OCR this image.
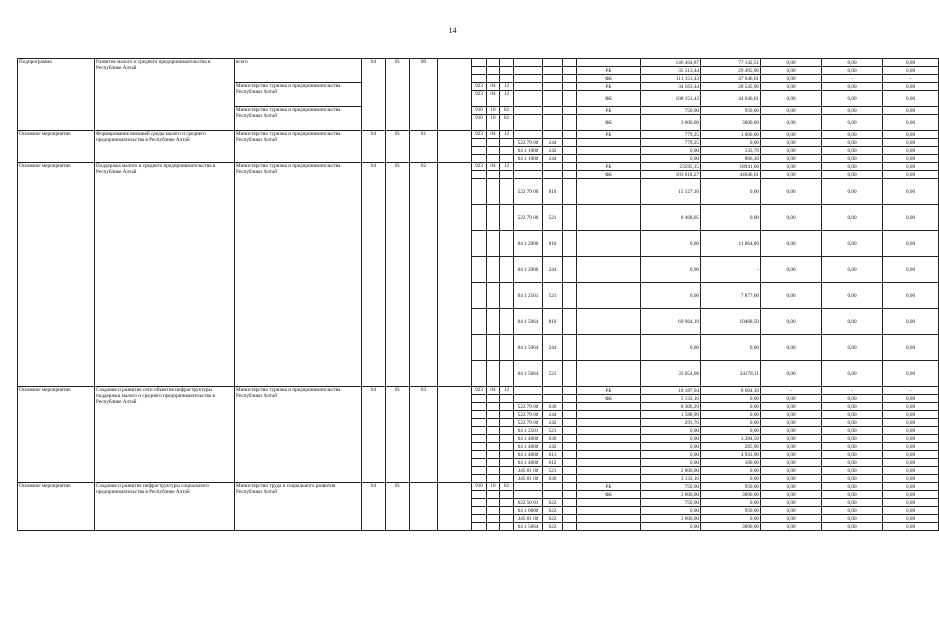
14
Подпрограмма	Развитие малого и среднего предпринимательства в Республике Алтай	всего	04	01	00									146 464,87	77 142,51	0,00	0,00	0,00	
													РБ	35 313,44	29 495,90	0,00	0,00	0,00	
													ФБ	111 151,43	47 646,61	0,00	-	-	
		Министерство туризма и предпринимательства Республики Алтай					923	04	12				РБ	34 563,44	28 545,90	0,00	0,00	0,00	
							923	04	12				ФБ	108 151,43	44 646,61	0,00	0,00	0,00	
		Министерство туризма и предпринимательства Республики Алтай					910	10	02				РБ	750,00	950,00	0,00	0,00	0,00	
							910	10	02				ФБ	3 000,00	3000,00	0,00	0,00	0,00	
Основное мероприятие	Формирование внешней среды малого и среднего предпринимательства в Республике Алтай	Министерство туризма и предпринимательства Республики Алтай	04	01	01		923	04	12				РБ	779,25	1 000,00	0,00	0,00	0,00	
										522 79 00	244			779,25	0,00	0,00	0,00	0,00	
										04 1 1000	242			0,00	133,70	0,00	0,00	0,00	
										04 1 1000	244			0,00	866,30	0,00	0,00	0,00	
Основное мероприятие	Поддержка малого и среднего предпринимательства в Республике Алтай	Министерство туризма и предпринимательства Республики Алтай	04	01	02		923	04	12				РБ	23595,15	18941,60	0,00	0,00	0,00	
													ФБ	103 018,27	44646,61	0,00	0,00	0,00	
										522 79 00	810			15 127,10	0,00	0,00	0,00	0,00	
										522 79 00	521			8 468,05	0,00	0,00	0,00	0,00	
										04 1 2000	810			0,00	11 064,00	0,00	0,00	0,00	
										04 1 2000	244			0,00	-	0,00	0,00	0,00	
										04 1 2501	521			0,00	7 877,60	0,00	0,00	0,00	
										04 1 5064	810			69 964,19	10468,50	0,00	0,00	0,00	
										04 1 5064	244			0,00	0,00	0,00	0,00	0,00	
										04 1 5064	521			33 054,08	34178,11	0,00	0,00	0,00	
Основное мероприятие	Создание и развитие сети объектов инфраструктуры поддержки малого и среднего предпринимательства в Республике Алтай	Министерство туризма и предпринимательства Республики Алтай	04	01	03		923	04	12				РБ	10 187,04	8 604,30	-	-	-	
													ФБ	5 133,16	0,00	0,00	0,00	0,00	
										522 79 00	630			8 306,29	0,00	0,00	0,00	0,00	
										522 79 00	244			1 588,99	0,00	0,00	0,00	0,00	
										522 79 00	242			291,76	0,00	0,00	0,00	0,00	
										04 1 2501	521			0,00	0,00	0,00	0,00	0,00	
										04 1 4000	630			0,00	3 284,50	0,00	0,00	0,00	
										04 1 4000	242			0,00	285,90	0,00	0,00	0,00	
										04 1 4000	611			0,00	4 933,90	0,00	0,00	0,00	
										04 1 4000	612			0,00	100,00	0,00	0,00	0,00	
										345 01 00	521			2 000,00	0,00	0,00	0,00	0,00	
										345 01 00	630			3 133,16	0,00	0,00	0,00	0,00	
Основное мероприятие	Создание и развитие инфраструктуры социального предпринимательства в Республике Алтай	Министерство труда и социального развития Республики Алтай	04	01			910	10	02				РБ	750,00	950,00	0,00	0,00	0,00	
													ФБ	3 000,00	3000,00	0,00	0,00	0,00	
										622 50 01	622			750,00	0,00	0,00	0,00	0,00	
										04 1 6000	622			0,00	950,00	0,00	0,00	0,00	
										345 01 00	622			3 000,00	0,00	0,00	0,00	0,00	
										04 1 5064	622			0,00	3000,00	0,00	0,00	0,00	
